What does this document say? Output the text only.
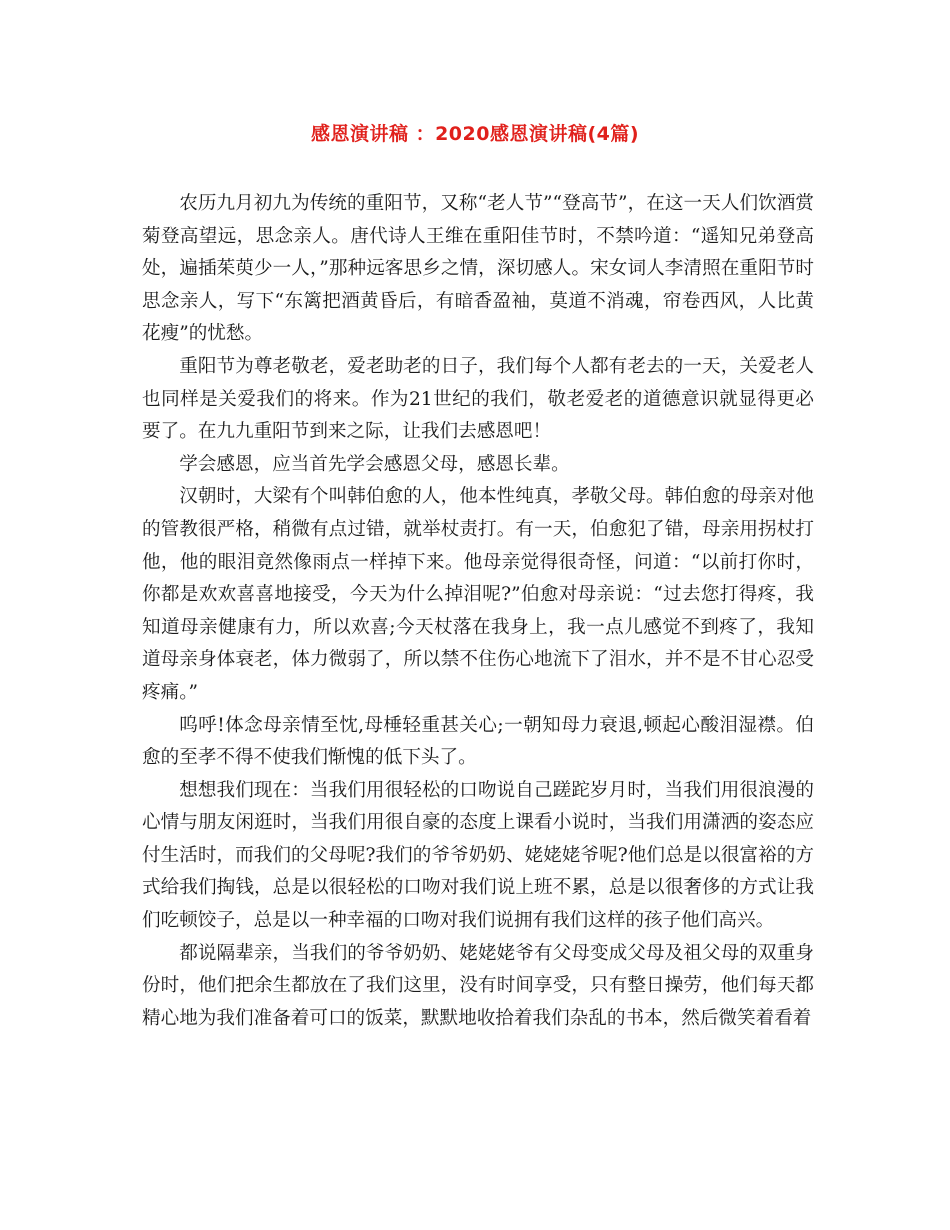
感恩演讲稿 ：2020感恩演讲稿(4篇)

农历九月初九为传统的重阳节，又称“老人节”“登高节”，在这一天人们饮酒赏菊登高望远，思念亲人。唐代诗人王维在重阳佳节时，不禁吟道：“遥知兄弟登高处，遍插茱萸少一人，”那种远客思乡之情，深切感人。宋女词人李清照在重阳节时思念亲人，写下“东篱把酒黄昏后，有暗香盈袖，莫道不消魂，帘卷西风，人比黄花瘦”的忧愁。

重阳节为尊老敬老，爱老助老的日子，我们每个人都有老去的一天，关爱老人也同样是关爱我们的将来。作为21世纪的我们，敬老爱老的道德意识就显得更必要了。在九九重阳节到来之际，让我们去感恩吧！

学会感恩，应当首先学会感恩父母，感恩长辈。

汉朝时，大梁有个叫韩伯愈的人，他本性纯真，孝敬父母。韩伯愈的母亲对他的管教很严格，稍微有点过错，就举杖责打。有一天，伯愈犯了错，母亲用拐杖打他，他的眼泪竟然像雨点一样掉下来。他母亲觉得很奇怪，问道：“以前打你时，你都是欢欢喜喜地接受，今天为什么掉泪呢?”伯愈对母亲说：“过去您打得疼，我知道母亲健康有力，所以欢喜;今天杖落在我身上，我一点儿感觉不到疼了，我知道母亲身体衰老，体力微弱了，所以禁不住伤心地流下了泪水，并不是不甘心忍受疼痛。”

呜呼!体念母亲情至忱,母棰轻重甚关心;一朝知母力衰退,顿起心酸泪湿襟。伯愈的至孝不得不使我们惭愧的低下头了。

想想我们现在：当我们用很轻松的口吻说自己蹉跎岁月时，当我们用很浪漫的心情与朋友闲逛时，当我们用很自豪的态度上课看小说时，当我们用潇洒的姿态应付生活时，而我们的父母呢?我们的爷爷奶奶、姥姥姥爷呢?他们总是以很富裕的方式给我们掏钱，总是以很轻松的口吻对我们说上班不累，总是以很奢侈的方式让我们吃顿饺子，总是以一种幸福的口吻对我们说拥有我们这样的孩子他们高兴。

都说隔辈亲，当我们的爷爷奶奶、姥姥姥爷有父母变成父母及祖父母的双重身份时，他们把余生都放在了我们这里，没有时间享受，只有整日操劳，他们每天都精心地为我们准备着可口的饭菜，默默地收拾着我们杂乱的书本，然后微笑着看着
